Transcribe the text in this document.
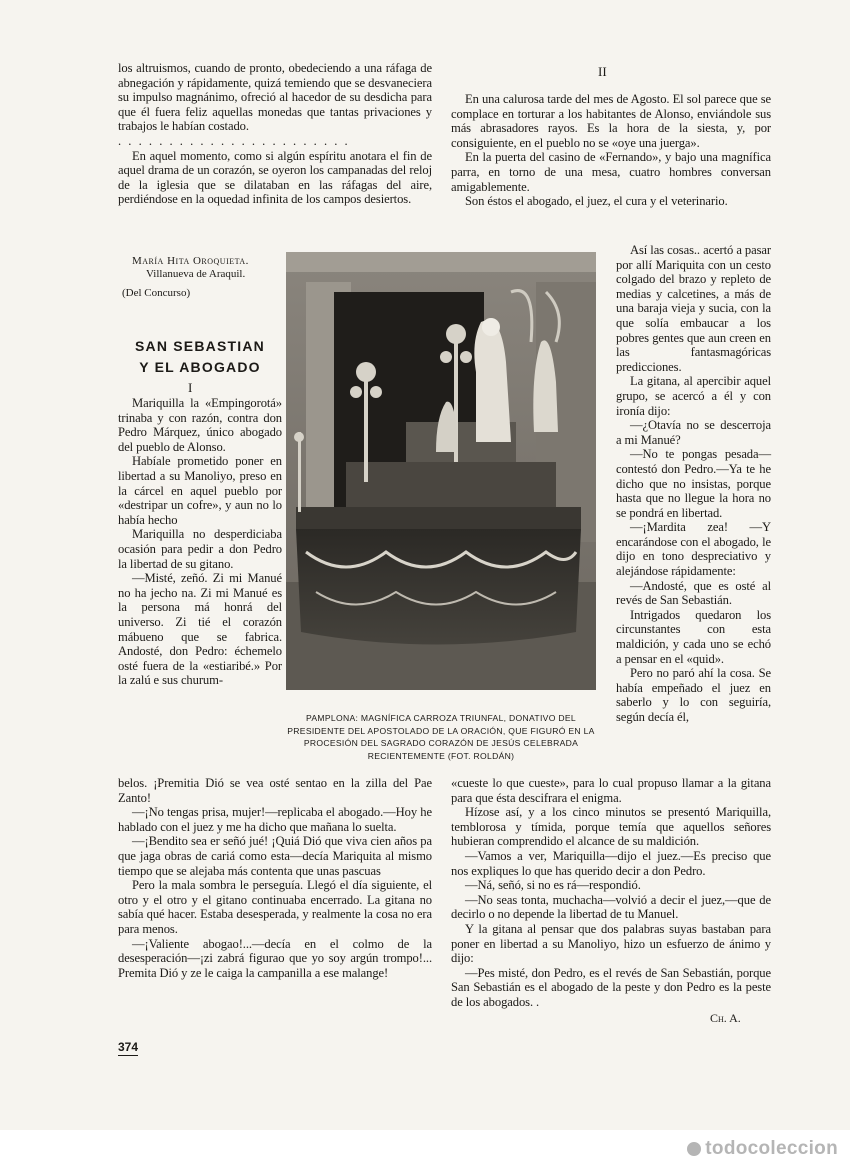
los altruismos, cuando de pronto, obedeciendo a una ráfaga de abnegación y rápidamente, quizá temiendo que se desvaneciera su impulso magnánimo, ofreció al hacedor de su desdicha para que él fuera feliz aquellas monedas que tantas privaciones y trabajos le habían costado.

. . . . . . . . . . . . . . . . . . . . . . .

En aquel momento, como si algún espíritu anotara el fin de aquel drama de un corazón, se oyeron los campanadas del reloj de la iglesia que se dilataban en las ráfagas del aire, perdiéndose en la oquedad infinita de los campos desiertos.

María Hita Oroquieta.
Villanueva de Araquil.
(Del Concurso)
SAN SEBASTIAN
Y EL ABOGADO
I

Mariquilla la «Empingorotá» trinaba y con razón, contra don Pedro Márquez, único abogado del pueblo de Alonso.

Habíale prometido poner en libertad a su Manoliyo, preso en la cárcel en aquel pueblo por «destripar un cofre», y aun no lo había hecho

Mariquilla no desperdiciaba ocasión para pedir a don Pedro la libertad de su gitano.

—Misté, zeñó. Zi mi Manué no ha jecho na. Zi mi Manué es la persona má honrá del universo. Zi tié el corazón mábueno que se fabrica. Andosté, don Pedro: échemelo osté fuera de la «estiaribé.» Por la zalú e sus churum-

PAMPLONA: MAGNÍFICA CARROZA TRIUNFAL, DONATIVO DEL PRESIDENTE DEL APOSTOLADO DE LA ORACIÓN, QUE FIGURÓ EN LA PROCESIÓN DEL SAGRADO CORAZÓN DE JESÚS CELEBRADA RECIENTEMENTE (FOT. ROLDÁN)

belos. ¡Premitia Dió se vea osté sentao en la zilla del Pae Zanto!

—¡No tengas prisa, mujer!—replicaba el abogado.—Hoy he hablado con el juez y me ha dicho que mañana lo suelta.

—¡Bendito sea er señó jué! ¡Quiá Dió que viva cien años pa que jaga obras de cariá como esta—decía Mariquita al mismo tiempo que se alejaba más contenta que unas pascuas

Pero la mala sombra le perseguía. Llegó el día siguiente, el otro y el otro y el gitano continuaba encerrado. La gitana no sabía qué hacer. Estaba desesperada, y realmente la cosa no era para menos.

—¡Valiente abogao!...—decía en el colmo de la desesperación—¡zi zabrá figurao que yo soy argún trompo!... Premita Dió y ze le caiga la campanilla a ese malange!

II

En una calurosa tarde del mes de Agosto. El sol parece que se complace en torturar a los habitantes de Alonso, enviándole sus más abrasadores rayos. Es la hora de la siesta, y, por consiguiente, en el pueblo no se «oye una juerga».

En la puerta del casino de «Fernando», y bajo una magnífica parra, en torno de una mesa, cuatro hombres conversan amigablemente.

Son éstos el abogado, el juez, el cura y el veterinario.

Así las cosas.. acertó a pasar por allí Mariquita con un cesto colgado del brazo y repleto de medias y calcetines, a más de una baraja vieja y sucia, con la que solía embaucar a los pobres gentes que aun creen en las fantasmagóricas predicciones.

La gitana, al apercibir aquel grupo, se acercó a él y con ironía dijo:

—¿Otavía no se descerroja a mi Manué?

—No te pongas pesada—contestó don Pedro.—Ya te he dicho que no insistas, porque hasta que no llegue la hora no se pondrá en libertad.

—¡Mardita zea! —Y encarándose con el abogado, le dijo en tono despreciativo y alejándose rápidamente:

—Andosté, que es osté al revés de San Sebastián.

Intrigados quedaron los circunstantes con esta maldición, y cada uno se echó a pensar en el «quid».

Pero no paró ahí la cosa. Se había empeñado el juez en saberlo y lo con seguiría, según decía él,

«cueste lo que cueste», para lo cual propuso llamar a la gitana para que ésta descifrara el enigma.

Hízose así, y a los cinco minutos se presentó Mariquilla, temblorosa y tímida, porque temía que aquellos señores hubieran comprendido el alcance de su maldición.

—Vamos a ver, Mariquilla—dijo el juez.—Es preciso que nos expliques lo que has querido decir a don Pedro.

—Ná, señó, si no es rá—respondió.

—No seas tonta, muchacha—volvió a decir el juez,—que de decirlo o no depende la libertad de tu Manuel.

Y la gitana al pensar que dos palabras suyas bastaban para poner en libertad a su Manoliyo, hizo un esfuerzo de ánimo y dijo:

—Pes misté, don Pedro, es el revés de San Sebastián, porque San Sebastián es el abogado de la peste y don Pedro es la peste de los abogados. .

Ch. A.
374
todocoleccion
